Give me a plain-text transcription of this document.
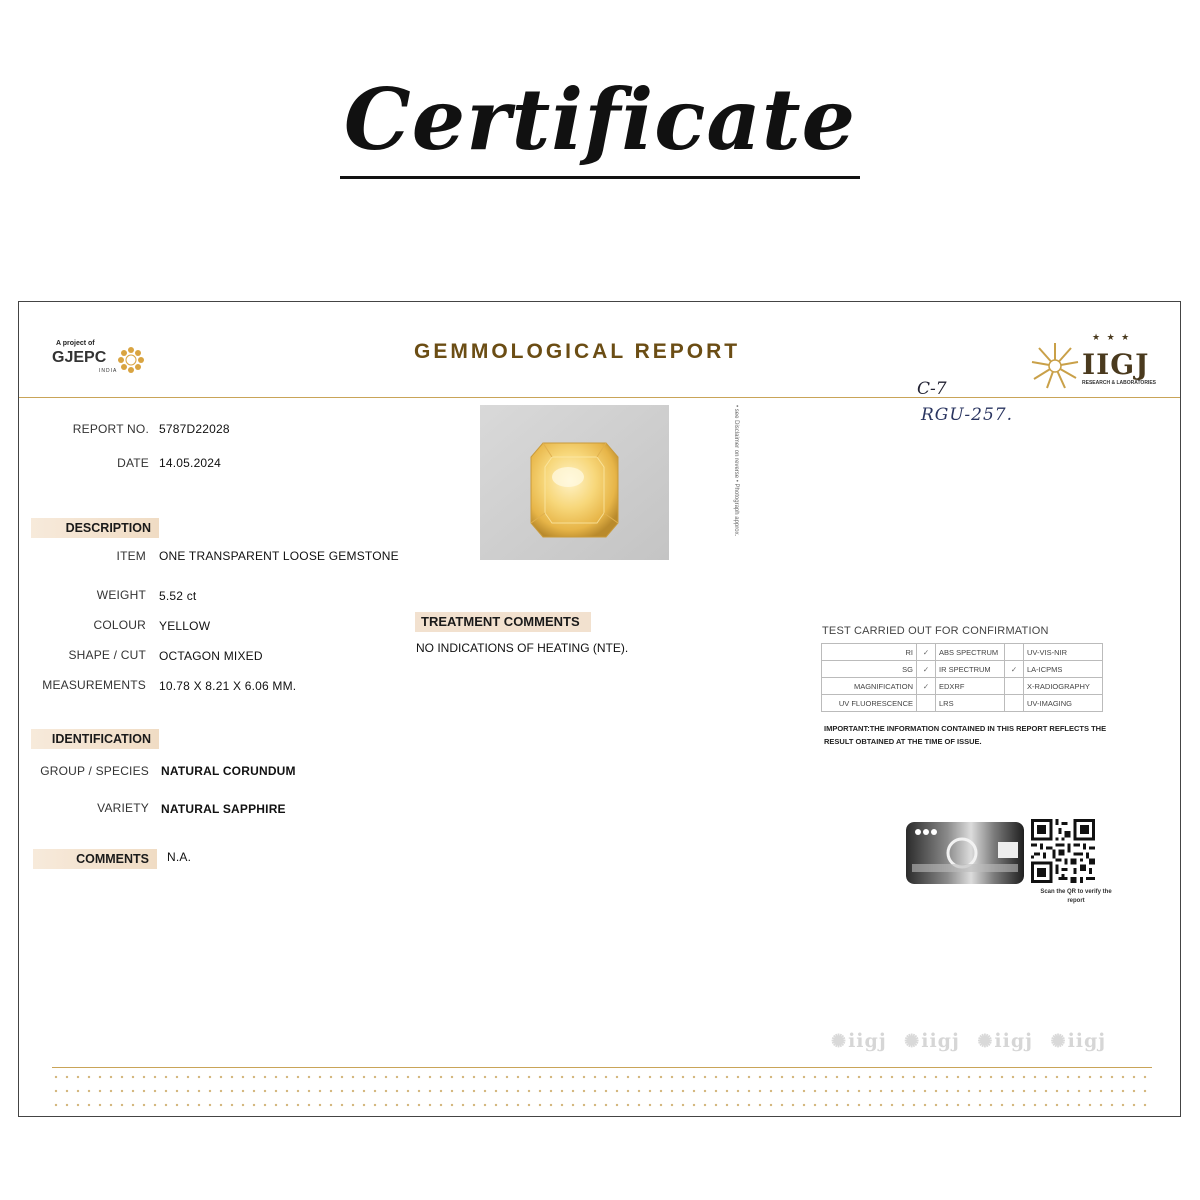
Certificate
A project of
GJEPC
INDIA
GEMMOLOGICAL REPORT
★ ★ ★
IIGJ
RESEARCH & LABORATORIES
C-7
RGU-257.
REPORT NO. 5787D22028
DATE 14.05.2024
DESCRIPTION
ITEM ONE TRANSPARENT LOOSE GEMSTONE
WEIGHT 5.52 ct
COLOUR YELLOW
SHAPE / CUT OCTAGON MIXED
MEASUREMENTS 10.78 X 8.21 X 6.06 MM.
IDENTIFICATION
GROUP / SPECIES NATURAL CORUNDUM
VARIETY NATURAL SAPPHIRE
COMMENTS	N.A.
• see Disclaimer on reverse • Photograph approx.
TREATMENT COMMENTS
NO INDICATIONS OF HEATING (NTE).
TEST CARRIED OUT FOR CONFIRMATION
RI	✓	ABS SPECTRUM		UV-VIS-NIR
SG	✓	IR SPECTRUM	✓	LA-ICPMS
MAGNIFICATION	✓	EDXRF		X-RADIOGRAPHY
UV FLUORESCENCE		LRS		UV-IMAGING
IMPORTANT:THE INFORMATION CONTAINED IN THIS REPORT REFLECTS THE RESULT OBTAINED AT THE TIME OF ISSUE.
Scan the QR to verify the report
✺iigj ✺iigj ✺iigj ✺iigj
